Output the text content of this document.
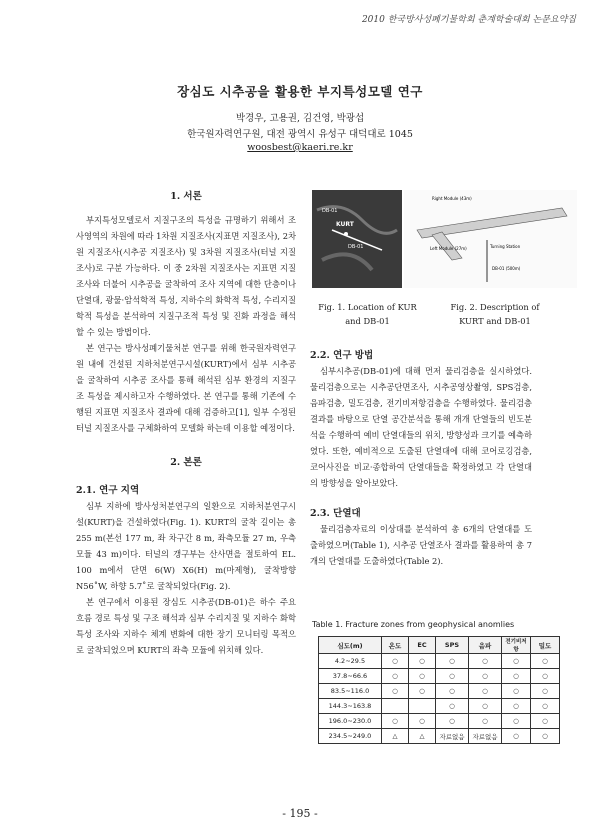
2010 한국방사성폐기물학회 춘계학술대회 논문요약집
장심도 시추공을 활용한 부지특성모델 연구
박경우, 고용권, 김건영, 박광섭
한국원자력연구원, 대전 광역시 유성구 대덕대로 1045
woosbest@kaeri.re.kr
1. 서론

부지특성모델로서 지질구조의 특성을 규명하기 위해서 조사영역의 차원에 따라 1차원 지질조사(지표면 지질조사), 2차원 지질조사(시추공 지질조사) 및 3차원 지질조사(터널 지질조사)로 구분 가능하다. 이 중 2차원 지질조사는 지표면 지질조사와 더불어 시추공을 굴착하여 조사 지역에 대한 단층이나 단열대, 광물·암석학적 특성, 지하수의 화학적 특성, 수리지질학적 특성을 분석하여 지질구조적 특성 및 진화 과정을 해석할 수 있는 방법이다.

본 연구는 방사성폐기물처분 연구를 위해 한국원자력연구원 내에 건설된 지하처분연구시설(KURT)에서 심부 시추공을 굴착하여 시추공 조사를 통해 해석된 심부 환경의 지질구조 특성을 제시하고자 수행하였다. 본 연구를 통해 기존에 수행된 지표면 지질조사 결과에 대해 검증하고[1], 일부 수정된 터널 지질조사를 구체화하여 모델화 하는데 이용할 예정이다.

2. 본론
2.1. 연구 지역

심부 지하에 방사성처분연구의 일환으로 지하처분연구시설(KURT)을 건설하였다(Fig. 1). KURT의 굴착 길이는 총 255 m(본선 177 m, 좌 차구간 8 m, 좌측모듈 27 m, 우측모듈 43 m)이다. 터널의 갱구부는 산사면을 절토하여 EL. 100 m에서 단면 6(W) X6(H) m(마제형), 굴착방향 N56˚W, 하향 5.7˚로 굴착되었다(Fig. 2).

본 연구에서 이용된 장심도 시추공(DB-01)은 하수 주요 흐름 경로 특성 및 구조 해석과 심부 수리지질 및 지하수 화학 특성 조사와 지하수 체계 변화에 대한 장기 모니터링 목적으로 굴착되었으며 KURT의 좌측 모듈에 위치해 있다.

DB-01
KURT
DB-01
Right Module (43m)
Left Module (27m)	Turning Station
DB-01 (500m)
Fig. 1. Location of KUR
and DB-01
Fig. 2. Description of
KURT and DB-01
2.2. 연구 방법

심부시추공(DB-01)에 대해 먼저 물리검층을 실시하였다. 물리검층으로는 시추공단면조사, 시추공영상촬영, SPS검층, 음파검층, 밀도검층, 전기비저항검층을 수행하였다. 물리검층 결과를 바탕으로 단열 공간분석을 통해 개개 단열들의 빈도분석을 수행하여 예비 단열대들의 위치, 방향성과 크기를 예측하였다. 또한, 예비적으로 도출된 단열대에 대해 코어로깅검층, 코어사진을 비교·종합하여 단열대들을 확정하였고 각 단열대의 방향성을 알아보았다.

2.3. 단열대

물리검층자료의 이상대를 분석하여 총 6개의 단열대를 도출하였으며(Table 1), 시추공 단열조사 결과를 활용하여 총 7개의 단열대를 도출하였다(Table 2).

Table 1. Fracture zones from geophysical anomlies
심도(m)	온도	EC	SPS	음파	전기비저항	밀도
4.2∼29.5	○	○	○	○	○	○
37.8∼66.6	○	○	○	○	○	○
83.5∼116.0	○	○	○	○	○	○
144.3∼163.8			○	○	○	○
196.0∼230.0	○	○	○	○	○	○
234.5∼249.0	△	△	자료없음	자료없음	○	○
- 195 -
